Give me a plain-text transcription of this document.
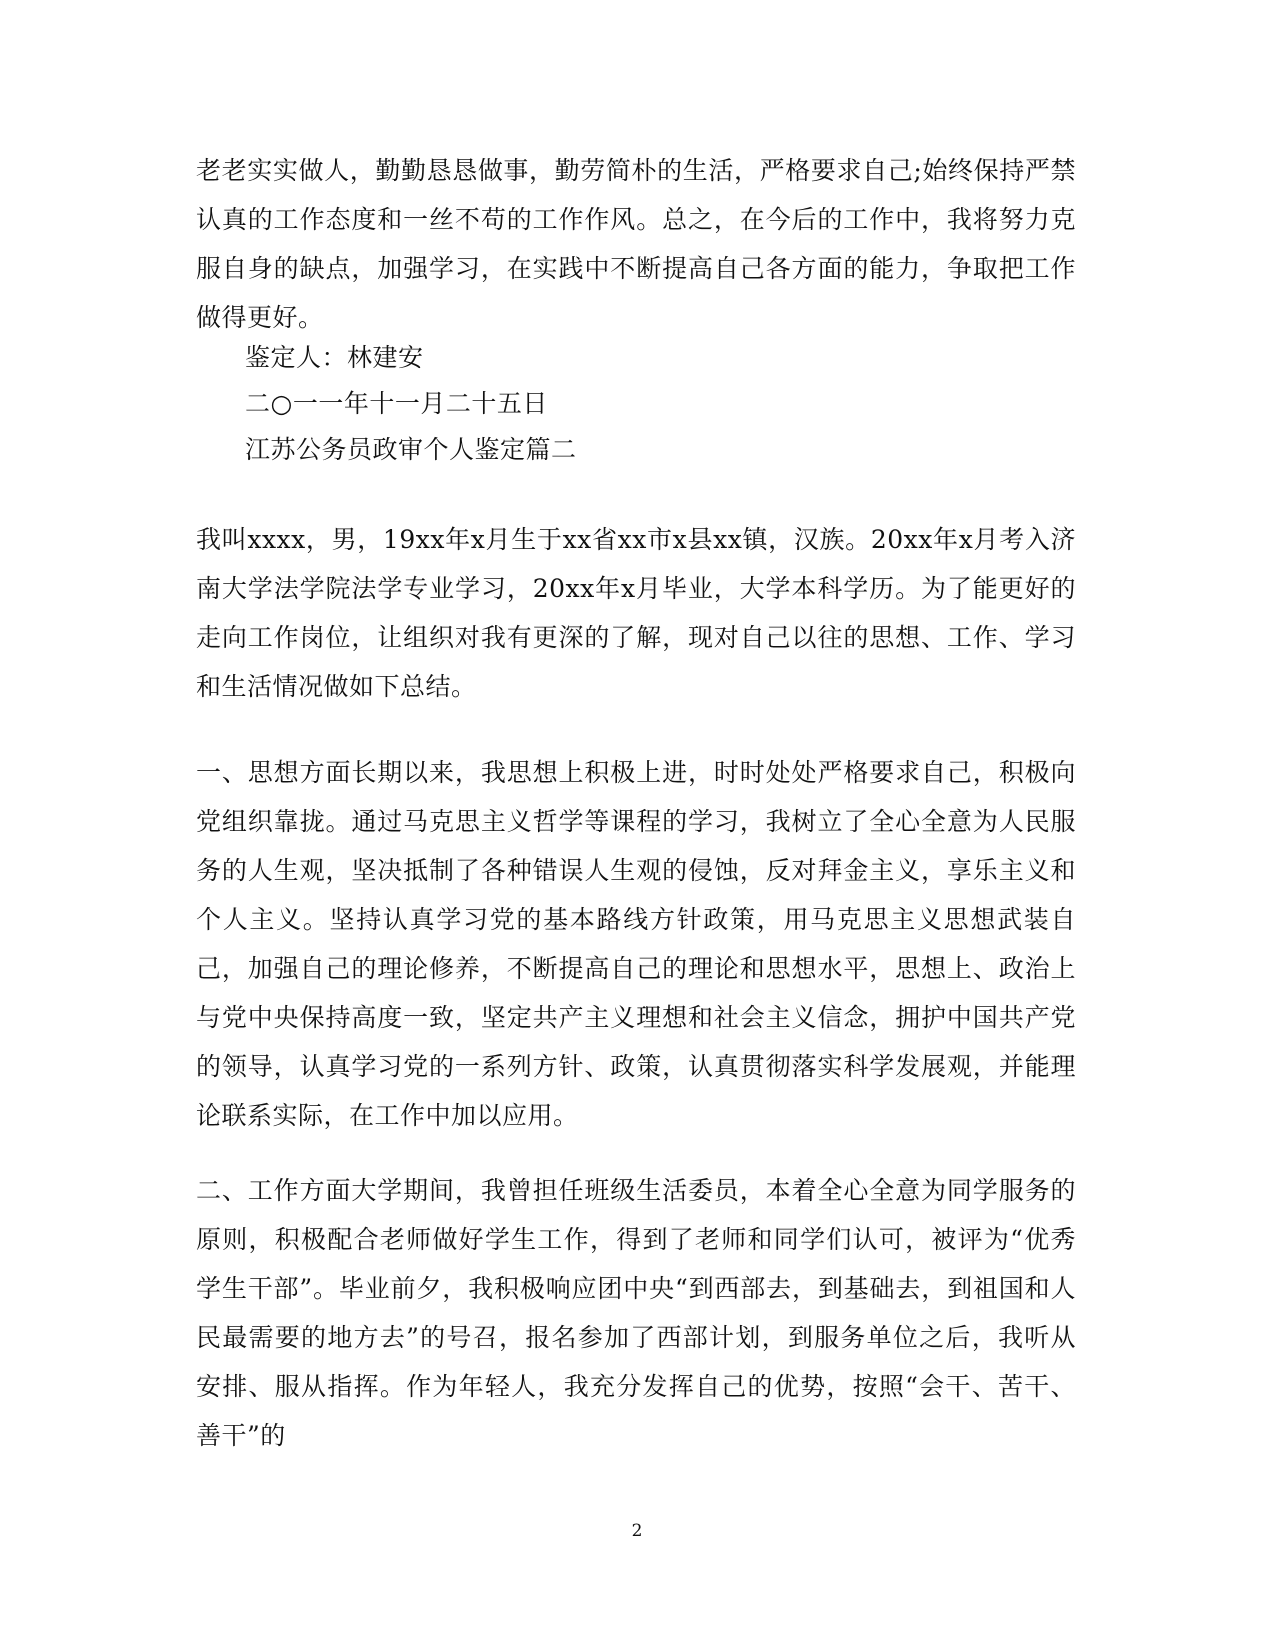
老老实实做人，勤勤恳恳做事，勤劳简朴的生活，严格要求自己;始终保持严禁认真的工作态度和一丝不苟的工作作风。总之，在今后的工作中，我将努力克服自身的缺点，加强学习，在实践中不断提高自己各方面的能力，争取把工作做得更好。
鉴定人：林建安
二○一一年十一月二十五日
江苏公务员政审个人鉴定篇二
我叫xxxx，男，19xx年x月生于xx省xx市x县xx镇，汉族。20xx年x月考入济南大学法学院法学专业学习，20xx年x月毕业，大学本科学历。为了能更好的走向工作岗位，让组织对我有更深的了解，现对自己以往的思想、工作、学习和生活情况做如下总结。
一、思想方面长期以来，我思想上积极上进，时时处处严格要求自己，积极向党组织靠拢。通过马克思主义哲学等课程的学习，我树立了全心全意为人民服务的人生观，坚决抵制了各种错误人生观的侵蚀，反对拜金主义，享乐主义和个人主义。坚持认真学习党的基本路线方针政策，用马克思主义思想武装自己，加强自己的理论修养，不断提高自己的理论和思想水平，思想上、政治上与党中央保持高度一致，坚定共产主义理想和社会主义信念，拥护中国共产党的领导，认真学习党的一系列方针、政策，认真贯彻落实科学发展观，并能理论联系实际，在工作中加以应用。
二、工作方面大学期间，我曾担任班级生活委员，本着全心全意为同学服务的原则，积极配合老师做好学生工作，得到了老师和同学们认可，被评为“优秀学生干部”。毕业前夕，我积极响应团中央“到西部去，到基础去，到祖国和人民最需要的地方去”的号召，报名参加了西部计划，到服务单位之后，我听从安排、服从指挥。作为年轻人，我充分发挥自己的优势，按照“会干、苦干、善干”的
2
